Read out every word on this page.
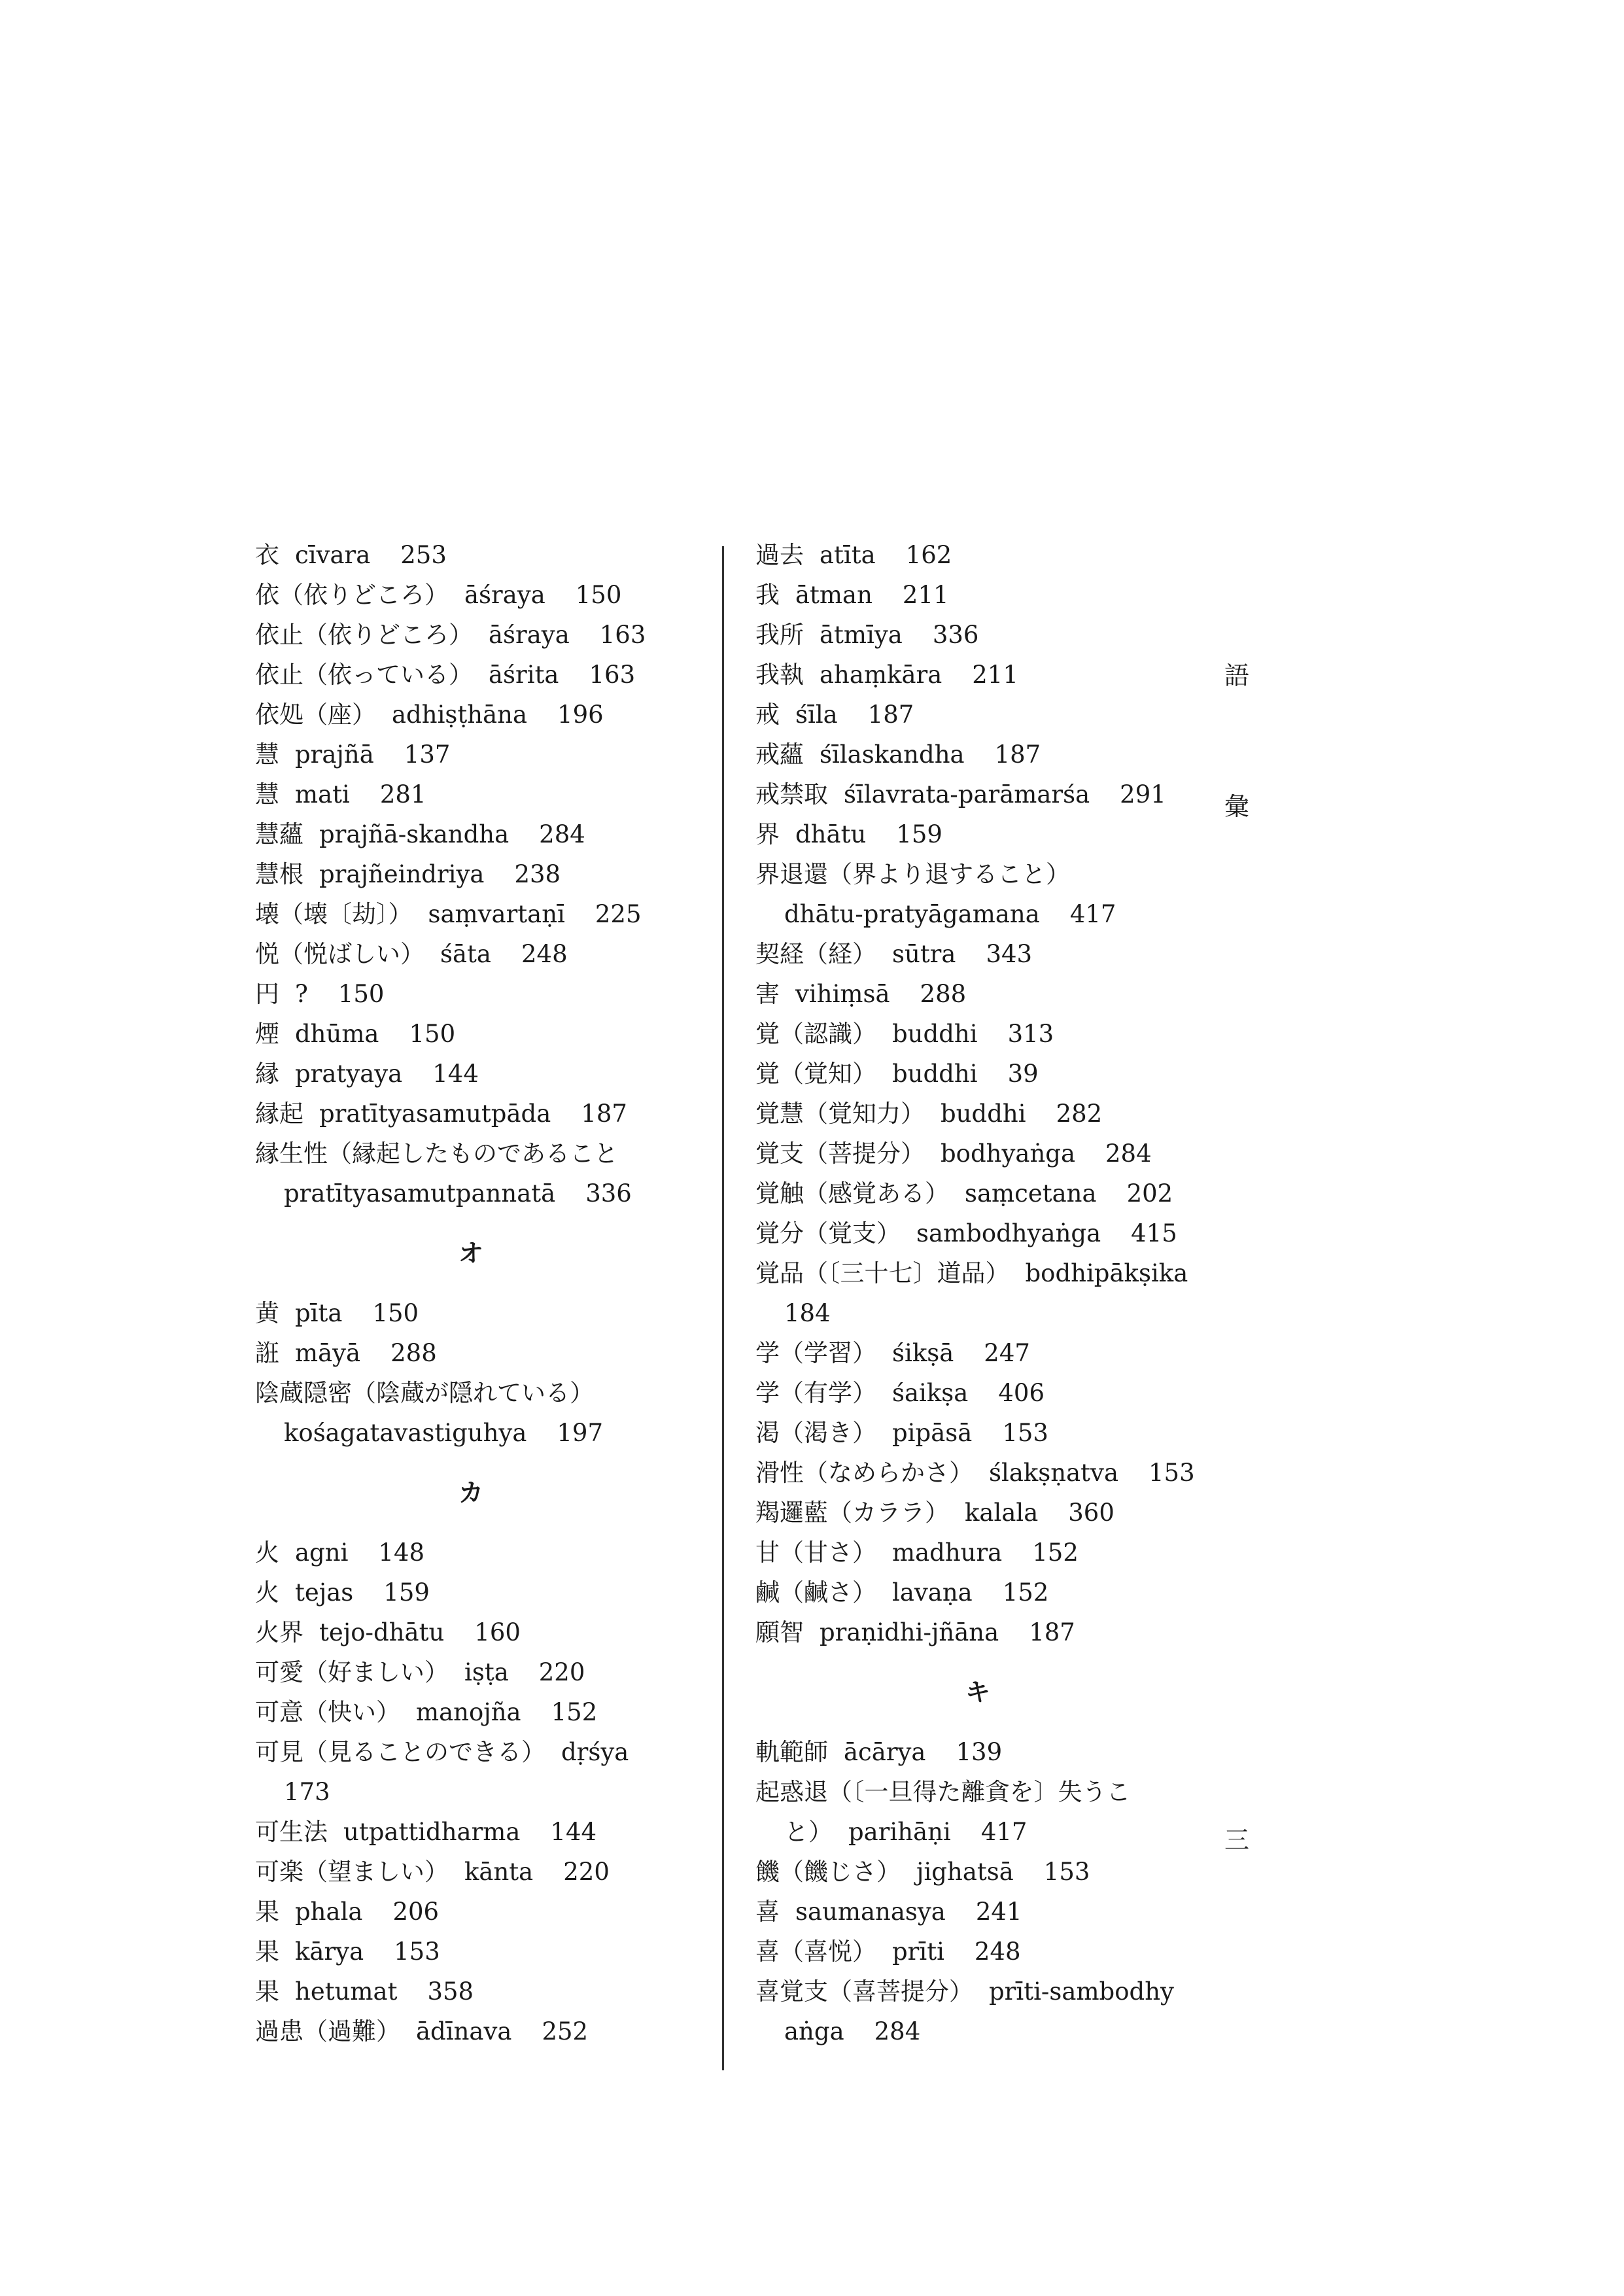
衣 cīvara 253
依（依りどころ） āśraya 150
依止（依りどころ） āśraya 163
依止（依っている） āśrita 163
依処（座） adhiṣṭhāna 196
慧 prajñā 137
慧 mati 281
慧蘊 prajñā-skandha 284
慧根 prajñeindriya 238
壊（壊〔劫〕） saṃvartaṇī 225
悦（悦ばしい） śāta 248
円 ? 150
煙 dhūma 150
縁 pratyaya 144
縁起 pratītyasamutpāda 187
縁生性（縁起したものであること
pratītyasamutpannatā 336
オ
黄 pīta 150
誑 māyā 288
陰蔵隠密（陰蔵が隠れている）
kośagatavastiguhya 197
カ
火 agni 148
火 tejas 159
火界 tejo-dhātu 160
可愛（好ましい） iṣṭa 220
可意（快い） manojña 152
可見（見ることのできる） dṛśya
173
可生法 utpattidharma 144
可楽（望ましい） kānta 220
果 phala 206
果 kārya 153
果 hetumat 358
過患（過難） ādīnava 252
過去 atīta 162
我 ātman 211
我所 ātmīya 336
我執 ahaṃkāra 211
戒 śīla 187
戒蘊 śīlaskandha 187
戒禁取 śīlavrata-parāmarśa 291
界 dhātu 159
界退還（界より退すること）
dhātu-pratyāgamana 417
契経（経） sūtra 343
害 vihiṃsā 288
覚（認識） buddhi 313
覚（覚知） buddhi 39
覚慧（覚知力） buddhi 282
覚支（菩提分） bodhyaṅga 284
覚触（感覚ある） saṃcetana 202
覚分（覚支） sambodhyaṅga 415
覚品（〔三十七〕道品） bodhipākṣika
184
学（学習） śikṣā 247
学（有学） śaikṣa 406
渇（渇き） pipāsā 153
滑性（なめらかさ） ślakṣṇatva 153
羯邏藍（カララ） kalala 360
甘（甘さ） madhura 152
鹹（鹹さ） lavaṇa 152
願智 praṇidhi-jñāna 187
キ
軌範師 ācārya 139
起惑退（〔一旦得た離貪を〕失うこ
と） parihāṇi 417
饑（饑じさ） jighatsā 153
喜 saumanasya 241
喜（喜悦） prīti 248
喜覚支（喜菩提分） prīti-sambodhy
aṅga 284
語
彙
三
